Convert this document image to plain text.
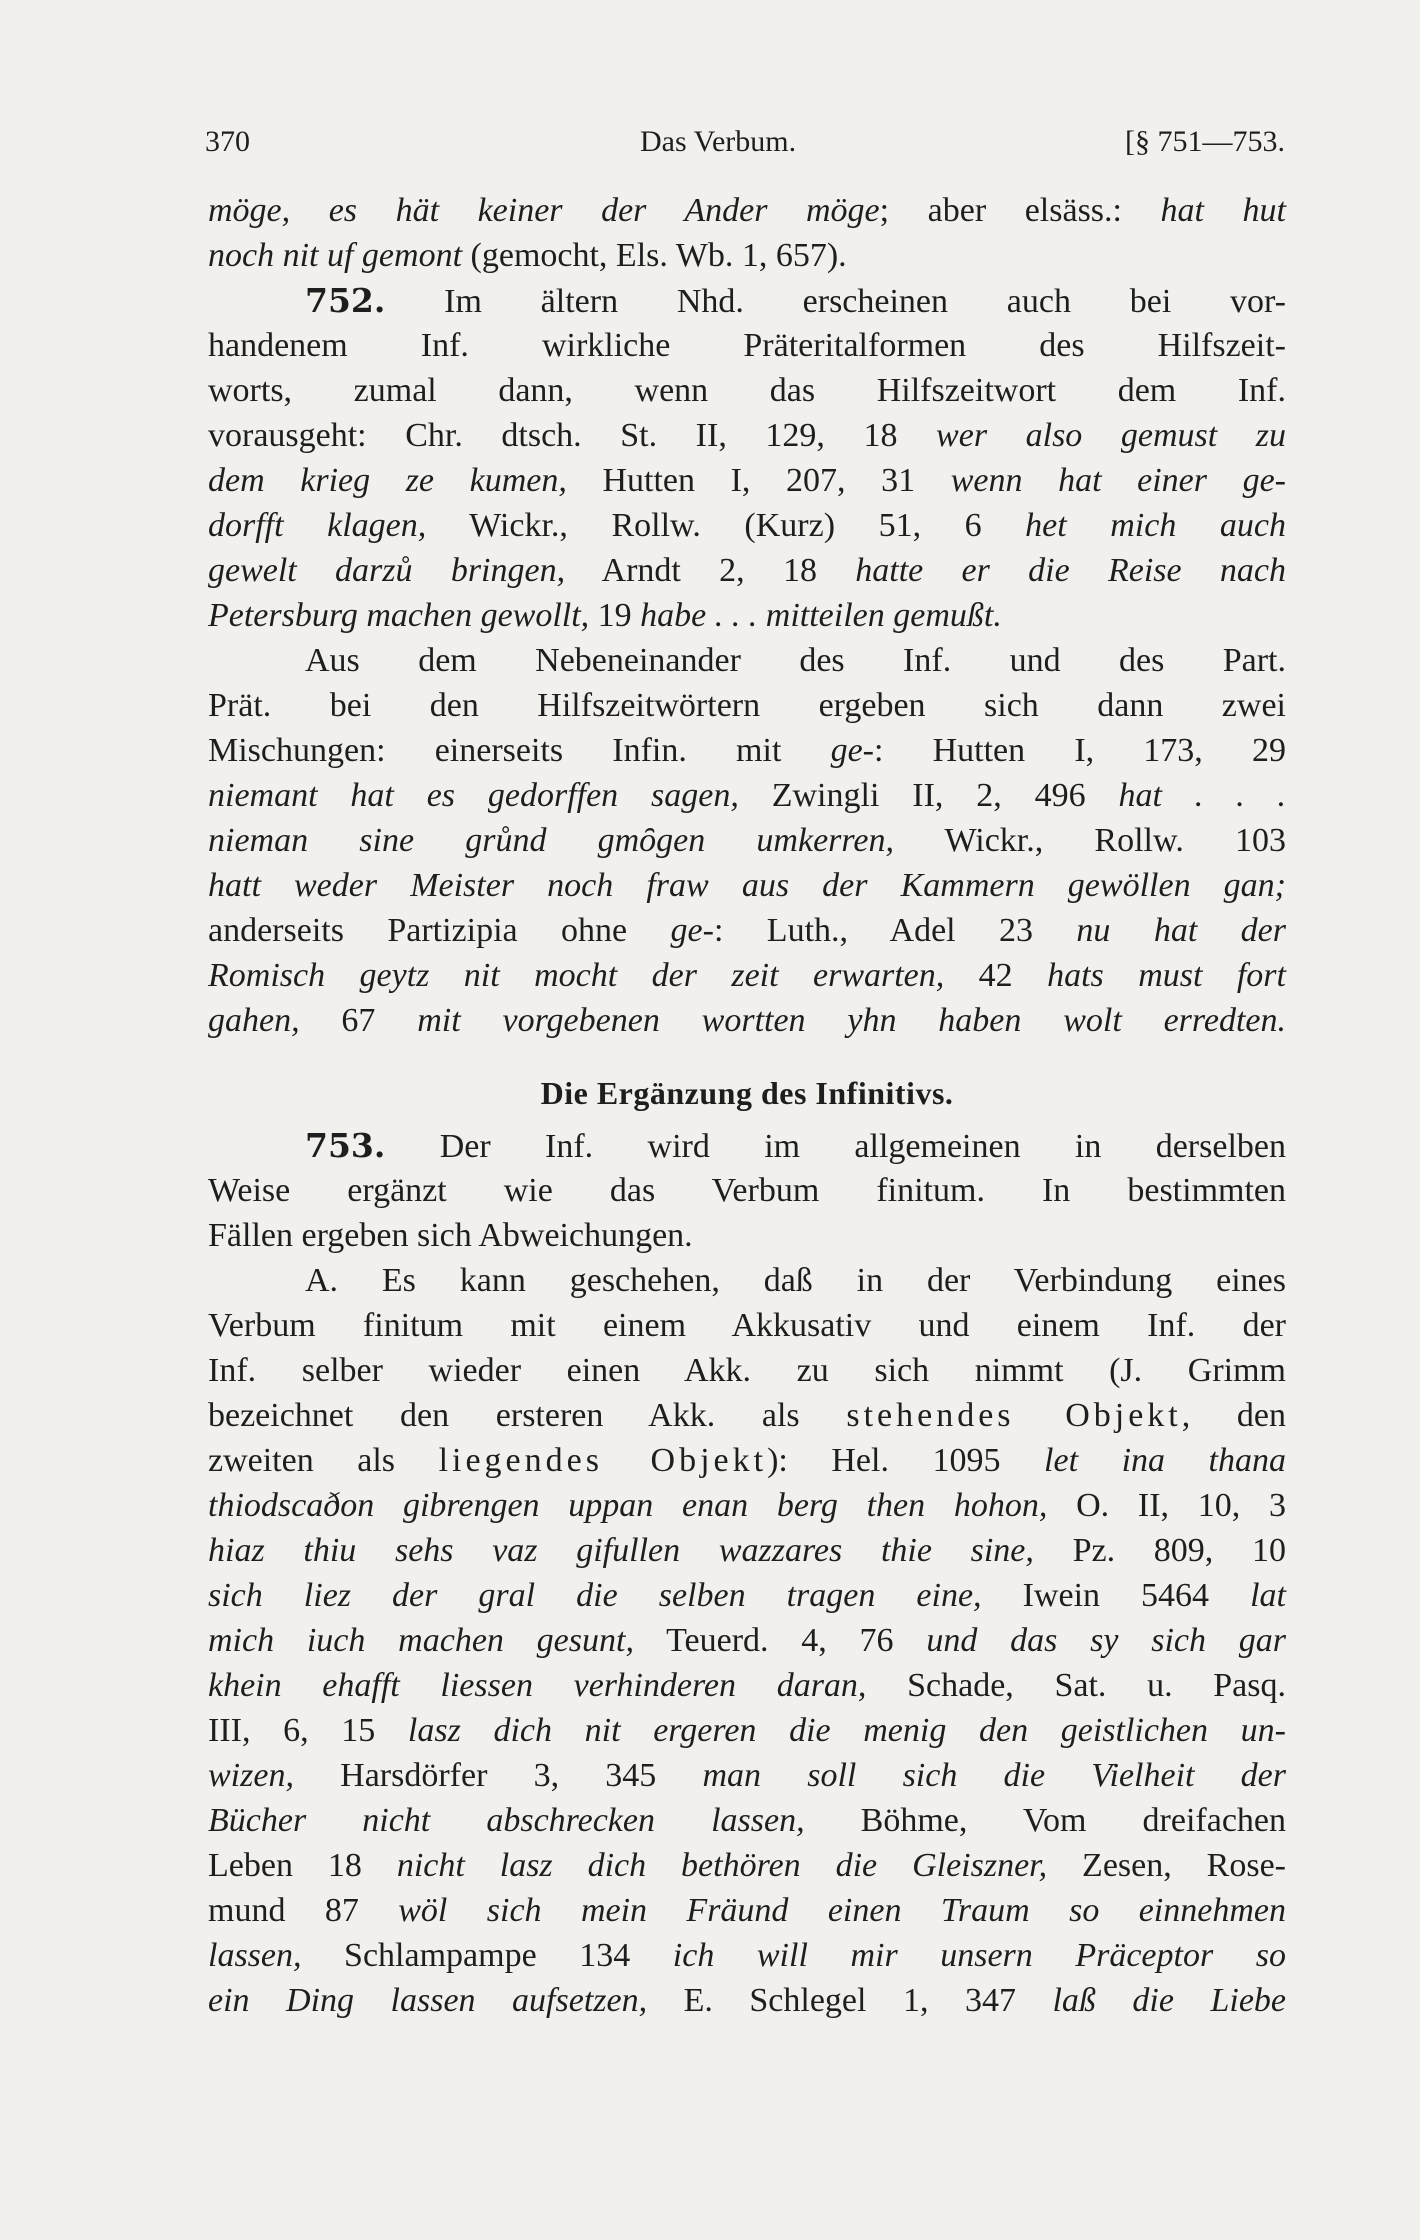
370	Das Verbum.	[§ 751—753.
möge, es hät keiner der Ander möge; aber elsäss.: hat hut
noch nit uf gemont (gemocht, Els. Wb. 1, 657).
752. Im ältern Nhd. erscheinen auch bei vor-
handenem Inf. wirkliche Präteritalformen des Hilfszeit-
worts, zumal dann, wenn das Hilfszeitwort dem Inf.
vorausgeht: Chr. dtsch. St. II, 129, 18 wer also gemust zu
dem krieg ze kumen, Hutten I, 207, 31 wenn hat einer ge-
dorfft klagen, Wickr., Rollw. (Kurz) 51, 6 het mich auch
gewelt darzů bringen, Arndt 2, 18 hatte er die Reise nach
Petersburg machen gewollt, 19 habe . . . mitteilen gemußt.
Aus dem Nebeneinander des Inf. und des Part.
Prät. bei den Hilfszeitwörtern ergeben sich dann zwei
Mischungen: einerseits Infin. mit ge-: Hutten I, 173, 29
niemant hat es gedorffen sagen, Zwingli II, 2, 496 hat . . .
nieman sine grůnd gmȏgen umkerren, Wickr., Rollw. 103
hatt weder Meister noch fraw aus der Kammern gewöllen gan;
anderseits Partizipia ohne ge-: Luth., Adel 23 nu hat der
Romisch geytz nit mocht der zeit erwarten, 42 hats must fort
gahen, 67 mit vorgebenen wortten yhn haben wolt erredten.
Die Ergänzung des Infinitivs.
753. Der Inf. wird im allgemeinen in derselben
Weise ergänzt wie das Verbum finitum. In bestimmten
Fällen ergeben sich Abweichungen.
A. Es kann geschehen, daß in der Verbindung eines
Verbum finitum mit einem Akkusativ und einem Inf. der
Inf. selber wieder einen Akk. zu sich nimmt (J. Grimm
bezeichnet den ersteren Akk. als stehendes Objekt, den
zweiten als liegendes Objekt): Hel. 1095 let ina thana
thiodscaðon gibrengen uppan enan berg then hohon, O. II, 10, 3
hiaz thiu sehs vaz gifullen wazzares thie sine, Pz. 809, 10
sich liez der gral die selben tragen eine, Iwein 5464 lat
mich iuch machen gesunt, Teuerd. 4, 76 und das sy sich gar
khein ehafft liessen verhinderen daran, Schade, Sat. u. Pasq.
III, 6, 15 lasz dich nit ergeren die menig den geistlichen un-
wizen, Harsdörfer 3, 345 man soll sich die Vielheit der
Bücher nicht abschrecken lassen, Böhme, Vom dreifachen
Leben 18 nicht lasz dich bethören die Gleiszner, Zesen, Rose-
mund 87 wöl sich mein Fräund einen Traum so einnehmen
lassen, Schlampampe 134 ich will mir unsern Präceptor so
ein Ding lassen aufsetzen, E. Schlegel 1, 347 laß die Liebe
